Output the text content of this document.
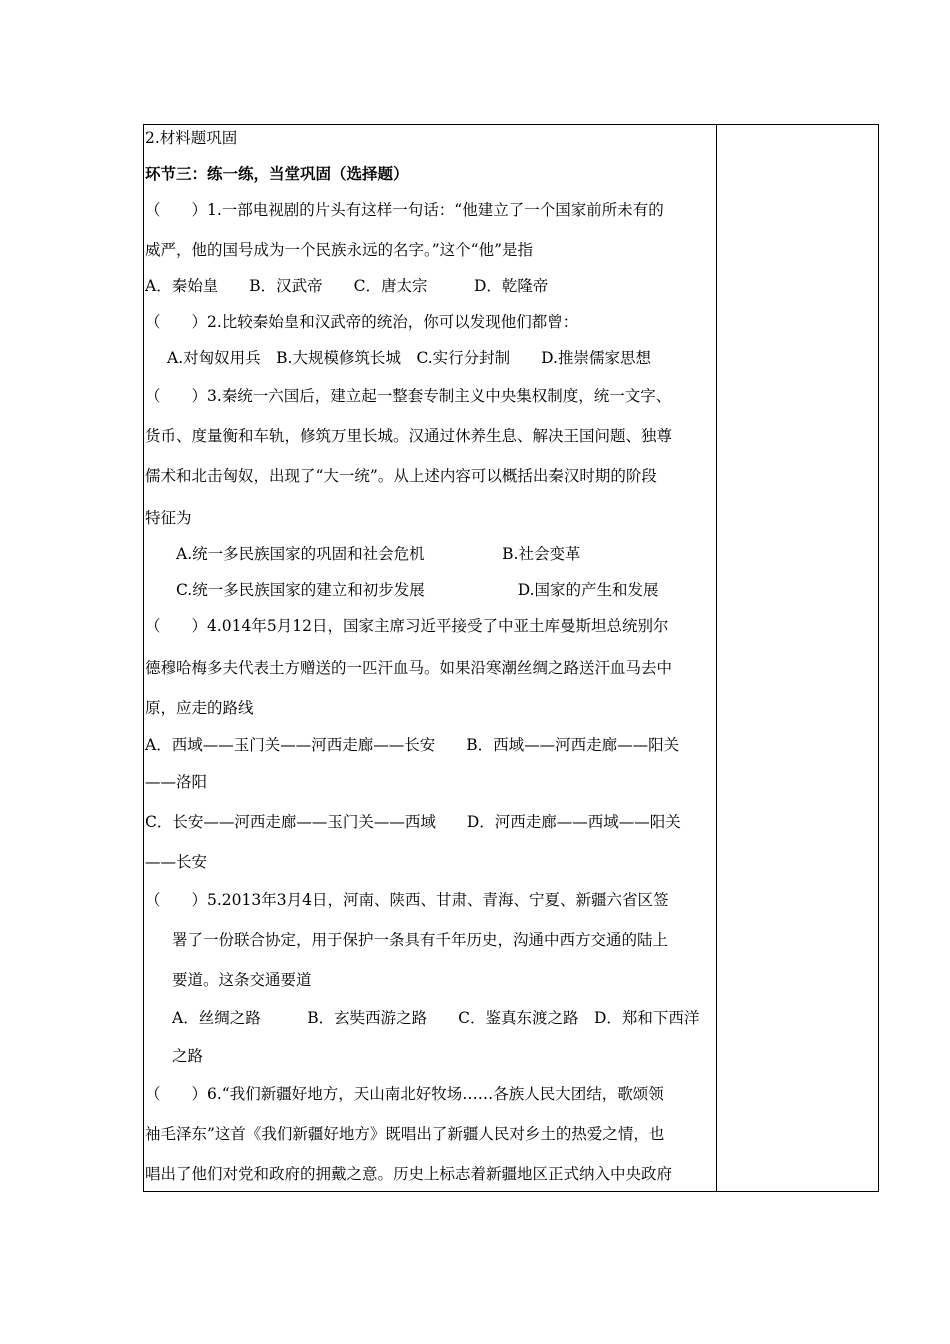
2.材料题巩固
环节三：练一练，当堂巩固（选择题）
（　　）1.一部电视剧的片头有这样一句话：“他建立了一个国家前所未有的
威严，他的国号成为一个民族永远的名字。”这个“他”是指
A．秦始皇　　B．汉武帝　　C．唐太宗　　　D．乾隆帝
（　　）2.比较秦始皇和汉武帝的统治，你可以发现他们都曾：
A.对匈奴用兵　B.大规模修筑长城　C.实行分封制　　D.推崇儒家思想
（　　）3.秦统一六国后，建立起一整套专制主义中央集权制度，统一文字、
货币、度量衡和车轨，修筑万里长城。汉通过休养生息、解决王国问题、独尊
儒术和北击匈奴，出现了“大一统”。从上述内容可以概括出秦汉时期的阶段
特征为
A.统一多民族国家的巩固和社会危机　　　　　B.社会变革
C.统一多民族国家的建立和初步发展　　　　　　D.国家的产生和发展
（　　）4.014年5月12日，国家主席习近平接受了中亚土库曼斯坦总统别尔
德穆哈梅多夫代表土方赠送的一匹汗血马。如果沿寒潮丝绸之路送汗血马去中
原，应走的路线
A．西域——玉门关——河西走廊——长安　　B．西域——河西走廊——阳关
——洛阳
C．长安——河西走廊——玉门关——西域　　D．河西走廊——西域——阳关
——长安
（　　）5.2013年3月4日，河南、陕西、甘肃、青海、宁夏、新疆六省区签
署了一份联合协定，用于保护一条具有千年历史，沟通中西方交通的陆上
要道。这条交通要道
A．丝绸之路　　　B．玄奘西游之路　　C．鉴真东渡之路　D．郑和下西洋
之路
（　　）6.“我们新疆好地方，天山南北好牧场……各族人民大团结，歌颂领
袖毛泽东”这首《我们新疆好地方》既唱出了新疆人民对乡土的热爱之情，也
唱出了他们对党和政府的拥戴之意。历史上标志着新疆地区正式纳入中央政府
